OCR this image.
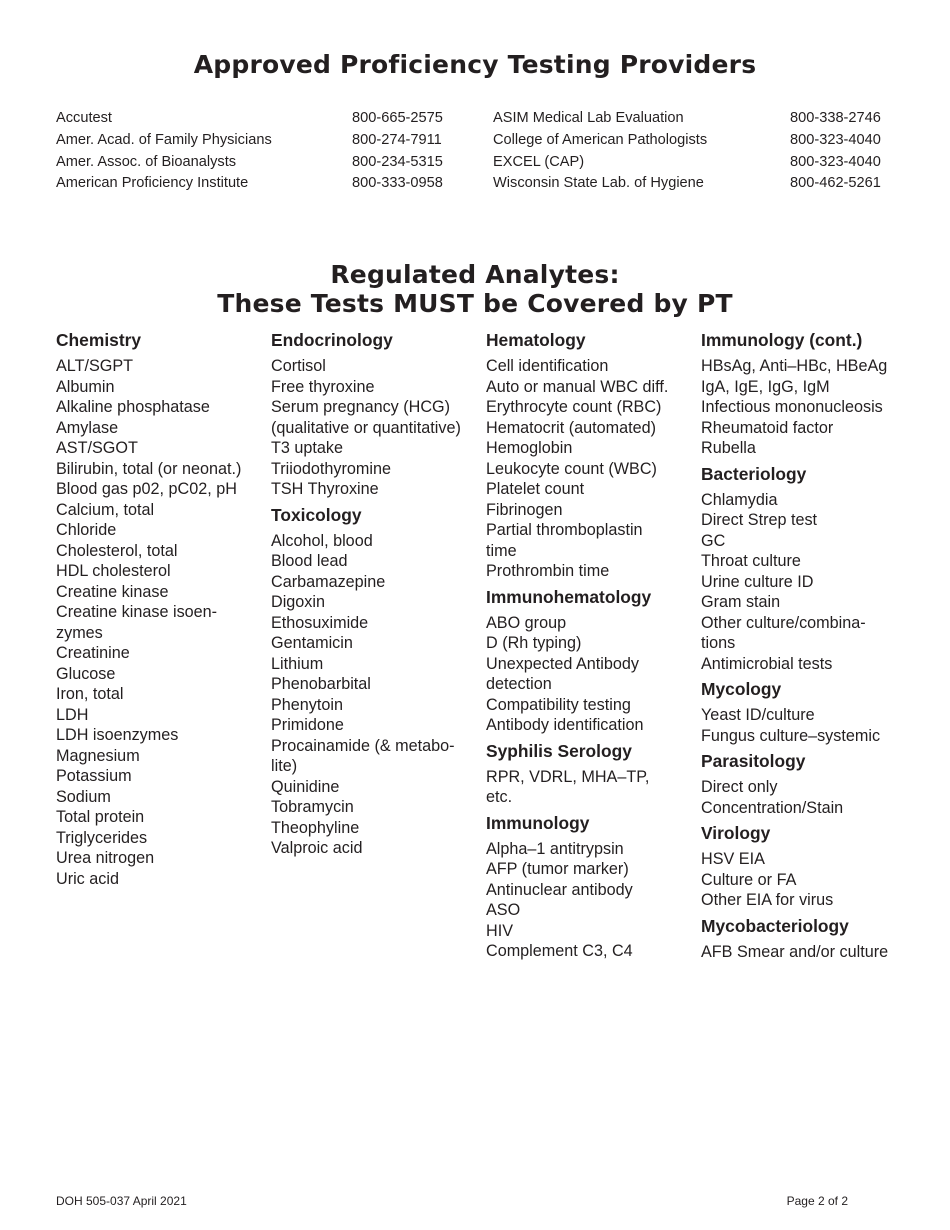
Approved Proficiency Testing Providers
Accutest
Amer. Acad. of Family Physicians
Amer. Assoc. of Bioanalysts
American Proficiency Institute
800-665-2575
800-274-7911
800-234-5315
800-333-0958
ASIM Medical Lab Evaluation
College of American Pathologists
EXCEL (CAP)
Wisconsin State Lab. of Hygiene
800-338-2746
800-323-4040
800-323-4040
800-462-5261
Regulated Analytes:
These Tests MUST be Covered by PT
Chemistry
ALT/SGPT
Albumin
Alkaline phosphatase
Amylase
AST/SGOT
Bilirubin, total (or neonat.)
Blood gas p02, pC02, pH
Calcium, total
Chloride
Cholesterol, total
HDL cholesterol
Creatine kinase
Creatine kinase isoen-
zymes
Creatinine
Glucose
Iron, total
LDH
LDH isoenzymes
Magnesium
Potassium
Sodium
Total protein
Triglycerides
Urea nitrogen
Uric acid
Endocrinology
Cortisol
Free thyroxine
Serum pregnancy (HCG)
(qualitative or quantitative)
T3 uptake
Triiodothyromine
TSH Thyroxine
Toxicology
Alcohol, blood
Blood lead
Carbamazepine
Digoxin
Ethosuximide
Gentamicin
Lithium
Phenobarbital
Phenytoin
Primidone
Procainamide (& metabo-
lite)
Quinidine
Tobramycin
Theophyline
Valproic acid
Hematology
Cell identification
Auto or manual WBC diff.
Erythrocyte count (RBC)
Hematocrit (automated)
Hemoglobin
Leukocyte count (WBC)
Platelet count
Fibrinogen
Partial thromboplastin
time
Prothrombin time
Immunohematology
ABO group
D (Rh typing)
Unexpected Antibody
detection
Compatibility testing
Antibody identification
Syphilis Serology
RPR, VDRL, MHA–TP,
etc.
Immunology
Alpha–1 antitrypsin
AFP (tumor marker)
Antinuclear antibody
ASO
HIV
Complement C3, C4
Immunology (cont.)
HBsAg, Anti–HBc, HBeAg
IgA, IgE, IgG, IgM
Infectious mononucleosis
Rheumatoid factor
Rubella
Bacteriology
Chlamydia
Direct Strep test
GC
Throat culture
Urine culture ID
Gram stain
Other culture/combina-
tions
Antimicrobial tests
Mycology
Yeast ID/culture
Fungus culture–systemic
Parasitology
Direct only
Concentration/Stain
Virology
HSV EIA
Culture or FA
Other EIA for virus
Mycobacteriology
AFB Smear and/or culture
DOH 505-037 April 2021	Page 2 of 2
